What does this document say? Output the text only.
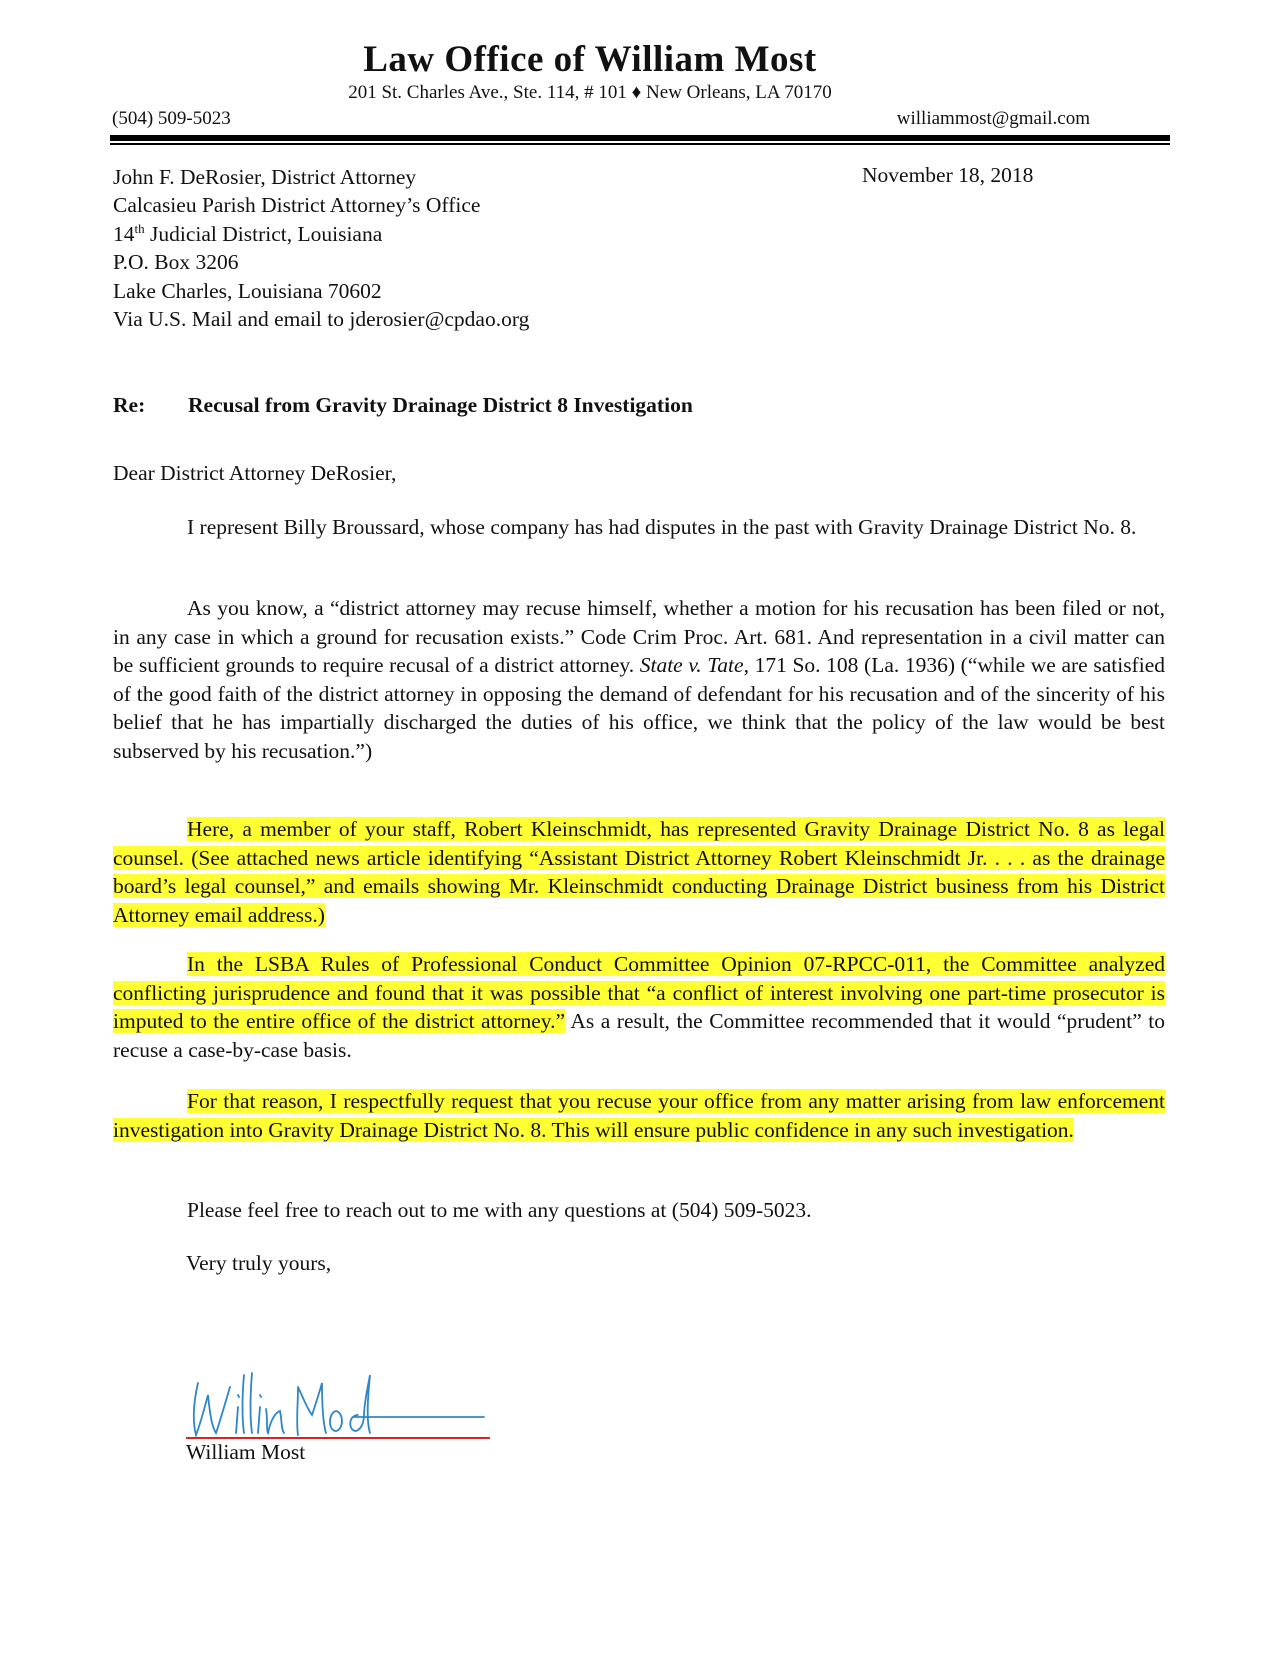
Law Office of William Most
201 St. Charles Ave., Ste. 114, # 101 ♦ New Orleans, LA 70170
(504) 509-5023	williammost@gmail.com
John F. DeRosier, District Attorney
Calcasieu Parish District Attorney’s Office
14th Judicial District, Louisiana
P.O. Box 3206
Lake Charles, Louisiana 70602
Via U.S. Mail and email to jderosier@cpdao.org
November 18, 2018
Re: Recusal from Gravity Drainage District 8 Investigation
Dear District Attorney DeRosier,
I represent Billy Broussard, whose company has had disputes in the past with Gravity Drainage District No. 8.
As you know, a “district attorney may recuse himself, whether a motion for his recusation has been filed or not, in any case in which a ground for recusation exists.” Code Crim Proc. Art. 681. And representation in a civil matter can be sufficient grounds to require recusal of a district attorney. State v. Tate, 171 So. 108 (La. 1936) (“while we are satisfied of the good faith of the district attorney in opposing the demand of defendant for his recusation and of the sincerity of his belief that he has impartially discharged the duties of his office, we think that the policy of the law would be best subserved by his recusation.”)
Here, a member of your staff, Robert Kleinschmidt, has represented Gravity Drainage District No. 8 as legal counsel. (See attached news article identifying “Assistant District Attorney Robert Kleinschmidt Jr. . . . as the drainage board’s legal counsel,” and emails showing Mr. Kleinschmidt conducting Drainage District business from his District Attorney email address.)
In the LSBA Rules of Professional Conduct Committee Opinion 07-RPCC-011, the Committee analyzed conflicting jurisprudence and found that it was possible that “a conflict of interest involving one part-time prosecutor is imputed to the entire office of the district attorney.” As a result, the Committee recommended that it would “prudent” to recuse a case-by-case basis.
For that reason, I respectfully request that you recuse your office from any matter arising from law enforcement investigation into Gravity Drainage District No. 8. This will ensure public confidence in any such investigation.
Please feel free to reach out to me with any questions at (504) 509-5023.
Very truly yours,
William Most
